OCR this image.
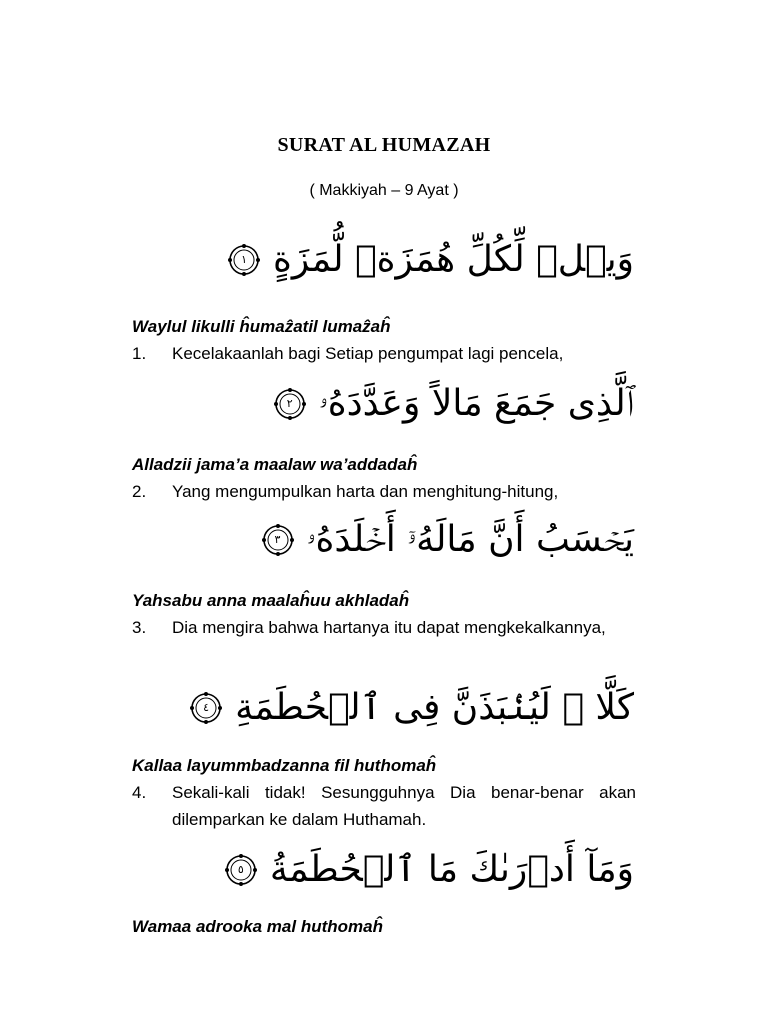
SURAT AL HUMAZAH
( Makkiyah – 9 Ayat )
وَيۡلٞ لِّكُلِّ هُمَزَةٖ لُّمَزَةٍ
١
Waylul likulli ĥumaẑatil lumaẑaĥ
1.	Kecelakaanlah bagi Setiap pengumpat lagi pencela,
ٱلَّذِى جَمَعَ مَالاً وَعَدَّدَهُۥ
٢
Alladzii jama’a maalaw wa’addadaĥ
2.	Yang mengumpulkan harta dan menghitung-hitung,
يَحۡسَبُ أَنَّ مَالَهُۥۤ أَخۡلَدَهُۥ
٣
Yahsabu anna maalaĥuu akhladaĥ
3.	Dia mengira bahwa hartanya itu dapat mengkekalkannya,
كَلَّا ۖ لَيُنۢبَذَنَّ فِى ٱلۡحُطَمَةِ
٤
Kallaa layummbadzanna fil huthomaĥ
4.	Sekali-kali tidak! Sesungguhnya Dia benar-benar akan dilemparkan ke dalam Huthamah.
وَمَآ أَدۡرَىٰكَ مَا ٱلۡحُطَمَةُ
٥
Wamaa adrooka mal huthomaĥ
